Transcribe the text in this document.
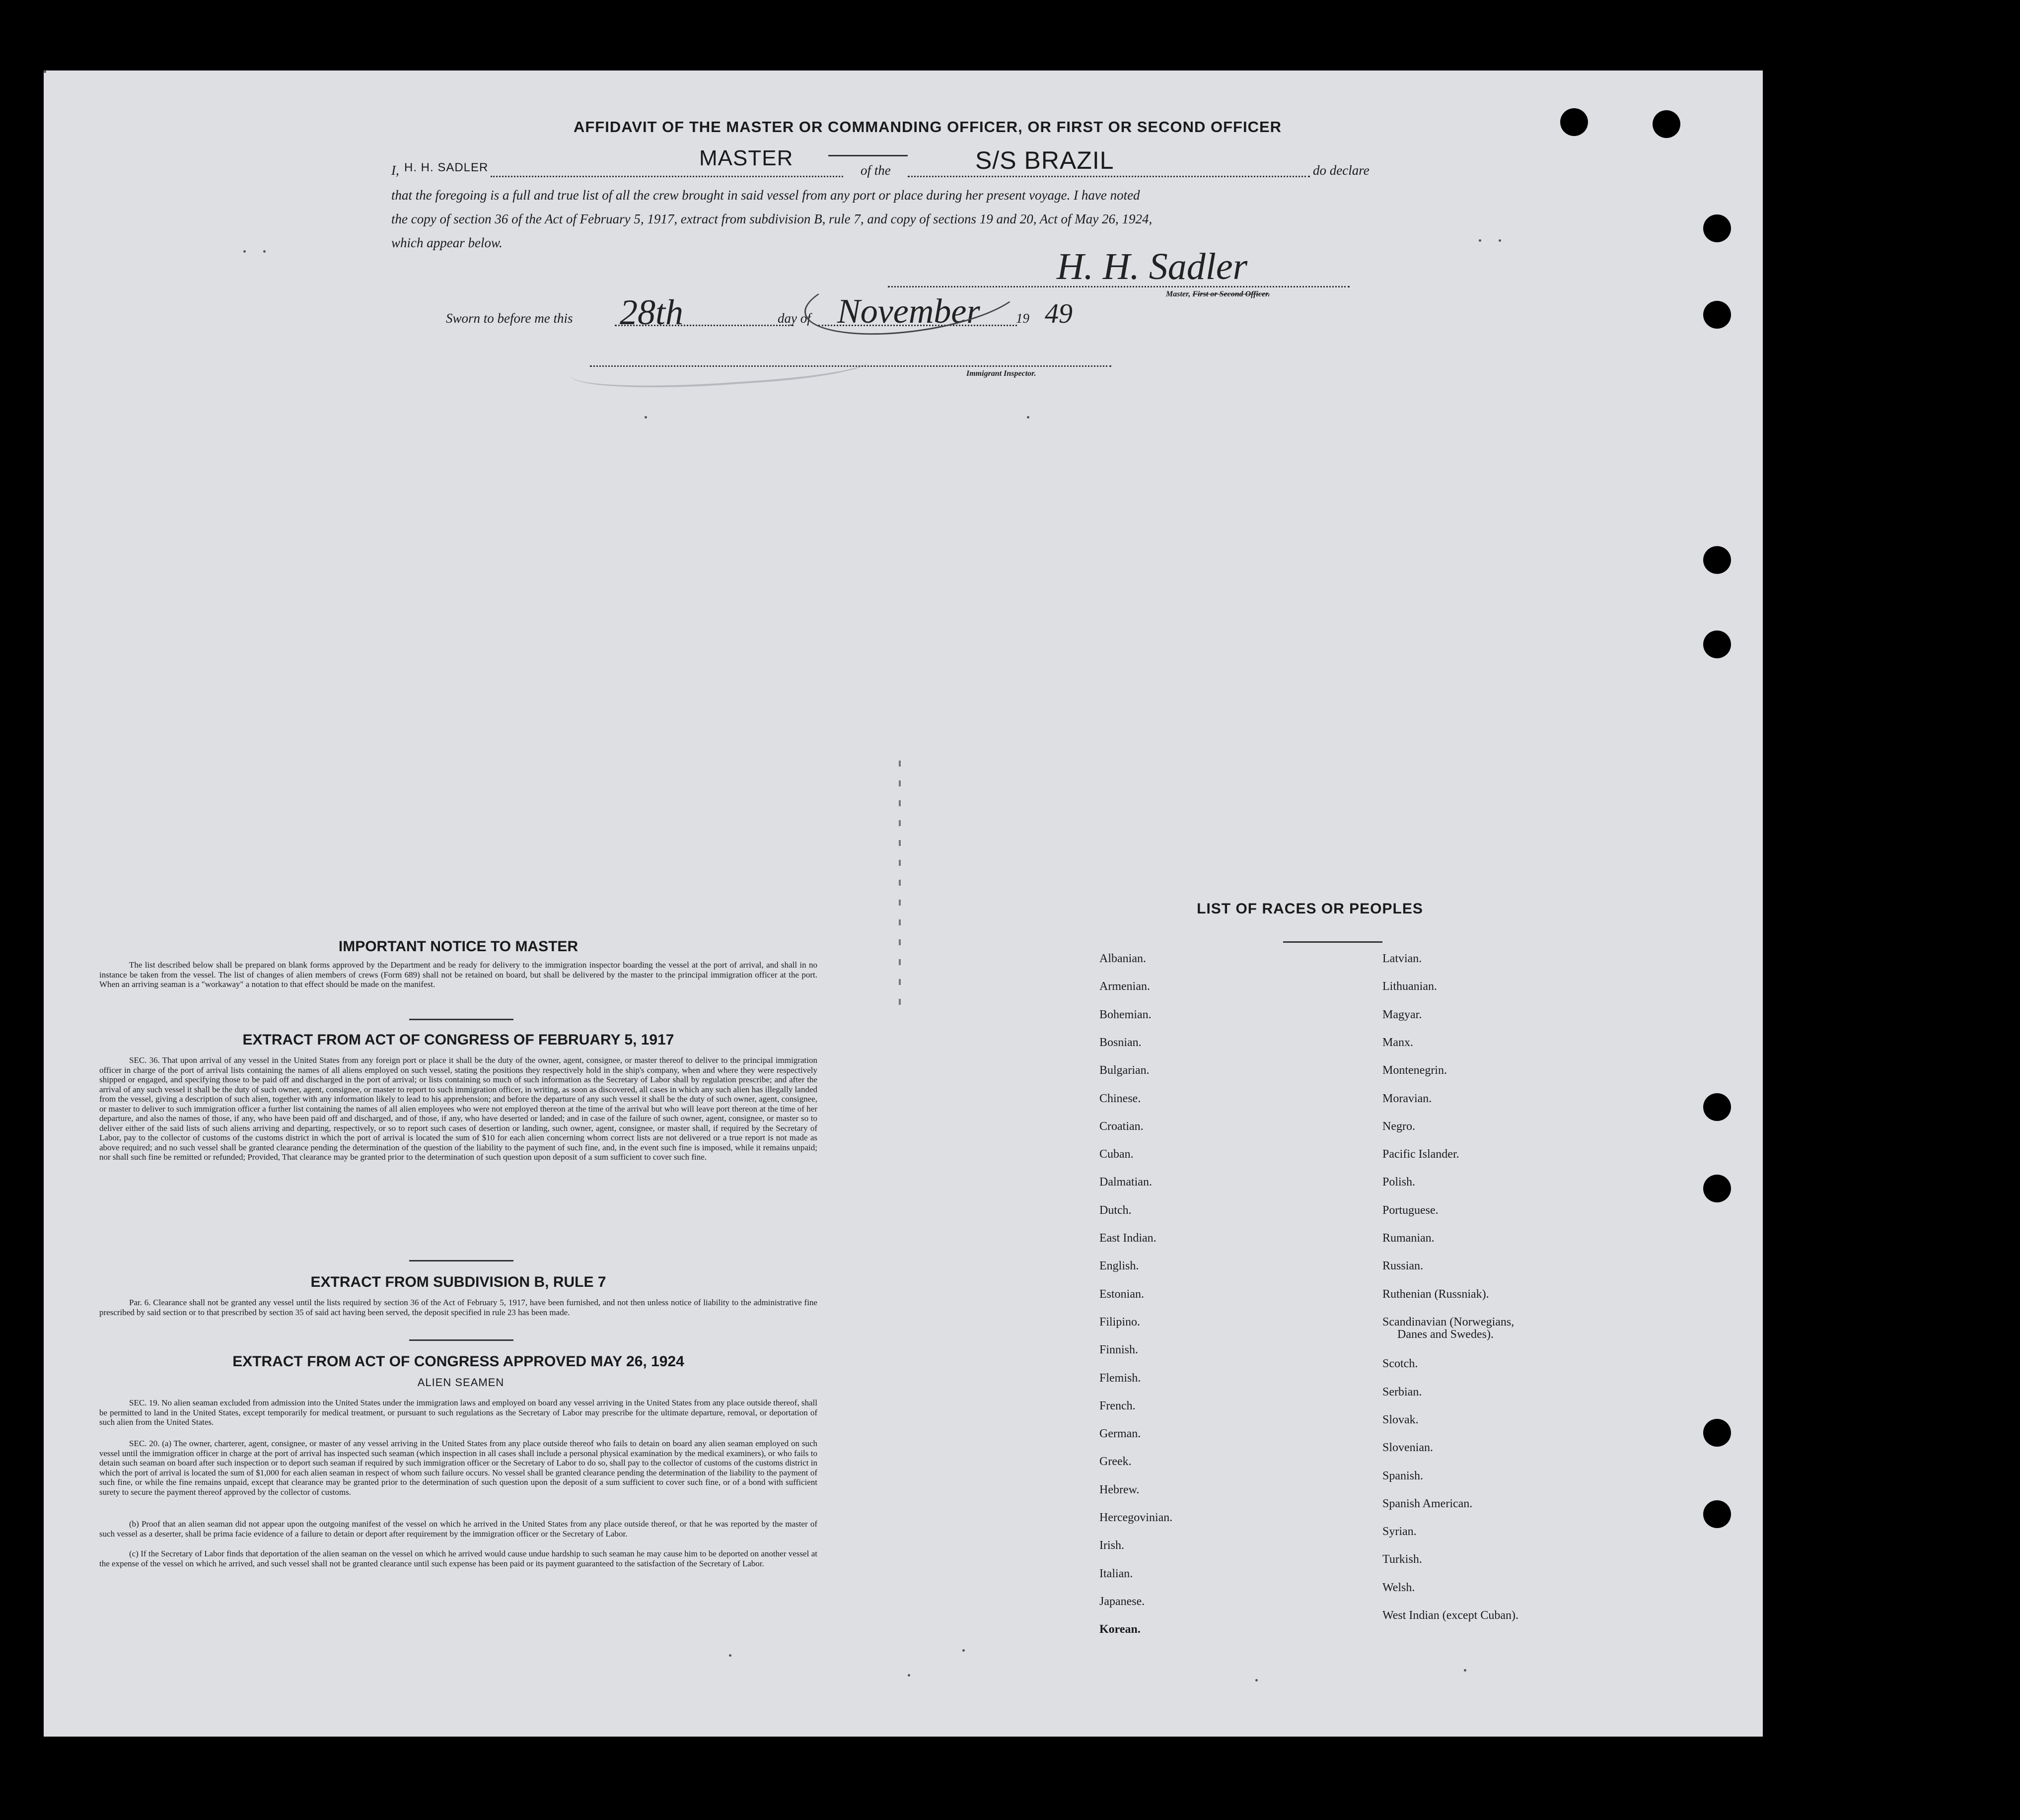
AFFIDAVIT OF THE MASTER OR COMMANDING OFFICER, OR FIRST OR SECOND OFFICER
I, H. H. SADLER	MASTER	of the	S/S BRAZIL	do declare
that the foregoing is a full and true list of all the crew brought in said vessel from any port or place during her present voyage. I have noted
the copy of section 36 of the Act of February 5, 1917, extract from subdivision B, rule 7, and copy of sections 19 and 20, Act of May 26, 1924,
which appear below.
H. H. Sadler
Master, First or Second Officer.
Sworn to before me this 28th	day of November	19 49
Immigrant Inspector.
IMPORTANT NOTICE TO MASTER
The list described below shall be prepared on blank forms approved by the Department and be ready for delivery to the immigration inspector boarding the vessel at the port of arrival, and shall in no instance be taken from the vessel. The list of changes of alien members of crews (Form 689) shall not be retained on board, but shall be delivered by the master to the principal immigration officer at the port. When an arriving seaman is a "workaway" a notation to that effect should be made on the manifest.
EXTRACT FROM ACT OF CONGRESS OF FEBRUARY 5, 1917
SEC. 36. That upon arrival of any vessel in the United States from any foreign port or place it shall be the duty of the owner, agent, consignee, or master thereof to deliver to the principal immigration officer in charge of the port of arrival lists containing the names of all aliens employed on such vessel, stating the positions they respectively hold in the ship's company, when and where they were respectively shipped or engaged, and specifying those to be paid off and discharged in the port of arrival; or lists containing so much of such information as the Secretary of Labor shall by regulation prescribe; and after the arrival of any such vessel it shall be the duty of such owner, agent, consignee, or master to report to such immigration officer, in writing, as soon as discovered, all cases in which any such alien has illegally landed from the vessel, giving a description of such alien, together with any information likely to lead to his apprehension; and before the departure of any such vessel it shall be the duty of such owner, agent, consignee, or master to deliver to such immigration officer a further list containing the names of all alien employees who were not employed thereon at the time of the arrival but who will leave port thereon at the time of her departure, and also the names of those, if any, who have been paid off and discharged, and of those, if any, who have deserted or landed; and in case of the failure of such owner, agent, consignee, or master so to deliver either of the said lists of such aliens arriving and departing, respectively, or so to report such cases of desertion or landing, such owner, agent, consignee, or master shall, if required by the Secretary of Labor, pay to the collector of customs of the customs district in which the port of arrival is located the sum of $10 for each alien concerning whom correct lists are not delivered or a true report is not made as above required; and no such vessel shall be granted clearance pending the determination of the question of the liability to the payment of such fine, and, in the event such fine is imposed, while it remains unpaid; nor shall such fine be remitted or refunded; Provided, That clearance may be granted prior to the determination of such question upon deposit of a sum sufficient to cover such fine.
EXTRACT FROM SUBDIVISION B, RULE 7
Par. 6. Clearance shall not be granted any vessel until the lists required by section 36 of the Act of February 5, 1917, have been furnished, and not then unless notice of liability to the administrative fine prescribed by said section or to that prescribed by section 35 of said act having been served, the deposit specified in rule 23 has been made.
EXTRACT FROM ACT OF CONGRESS APPROVED MAY 26, 1924
ALIEN SEAMEN
SEC. 19. No alien seaman excluded from admission into the United States under the immigration laws and employed on board any vessel arriving in the United States from any place outside thereof, shall be permitted to land in the United States, except temporarily for medical treatment, or pursuant to such regulations as the Secretary of Labor may prescribe for the ultimate departure, removal, or deportation of such alien from the United States.
SEC. 20. (a) The owner, charterer, agent, consignee, or master of any vessel arriving in the United States from any place outside thereof who fails to detain on board any alien seaman employed on such vessel until the immigration officer in charge at the port of arrival has inspected such seaman (which inspection in all cases shall include a personal physical examination by the medical examiners), or who fails to detain such seaman on board after such inspection or to deport such seaman if required by such immigration officer or the Secretary of Labor to do so, shall pay to the collector of customs of the customs district in which the port of arrival is located the sum of $1,000 for each alien seaman in respect of whom such failure occurs. No vessel shall be granted clearance pending the determination of the liability to the payment of such fine, or while the fine remains unpaid, except that clearance may be granted prior to the determination of such question upon the deposit of a sum sufficient to cover such fine, or of a bond with sufficient surety to secure the payment thereof approved by the collector of customs.
(b) Proof that an alien seaman did not appear upon the outgoing manifest of the vessel on which he arrived in the United States from any place outside thereof, or that he was reported by the master of such vessel as a deserter, shall be prima facie evidence of a failure to detain or deport after requirement by the immigration officer or the Secretary of Labor.
(c) If the Secretary of Labor finds that deportation of the alien seaman on the vessel on which he arrived would cause undue hardship to such seaman he may cause him to be deported on another vessel at the expense of the vessel on which he arrived, and such vessel shall not be granted clearance until such expense has been paid or its payment guaranteed to the satisfaction of the Secretary of Labor.
LIST OF RACES OR PEOPLES
Albanian.
Armenian.
Bohemian.
Bosnian.
Bulgarian.
Chinese.
Croatian.
Cuban.
Dalmatian.
Dutch.
East Indian.
English.
Estonian.
Filipino.
Finnish.
Flemish.
French.
German.
Greek.
Hebrew.
Hercegovinian.
Irish.
Italian.
Japanese.
Korean.
Latvian.
Lithuanian.
Magyar.
Manx.
Montenegrin.
Moravian.
Negro.
Pacific Islander.
Polish.
Portuguese.
Rumanian.
Russian.
Ruthenian (Russniak).
Scandinavian (Norwegians,
Danes and Swedes).
Scotch.
Serbian.
Slovak.
Slovenian.
Spanish.
Spanish American.
Syrian.
Turkish.
Welsh.
West Indian (except Cuban).
